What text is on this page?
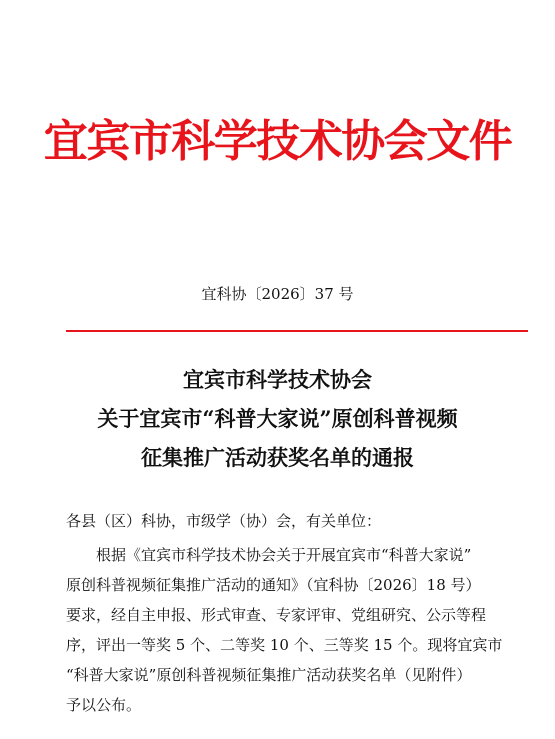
宜宾市科学技术协会文件
宜科协〔2026〕37 号
宜宾市科学技术协会
关于宜宾市“科普大家说”原创科普视频
征集推广活动获奖名单的通报
各县（区）科协，市级学（协）会，有关单位：
根据《宜宾市科学技术协会关于开展宜宾市“科普大家说”
原创科普视频征集推广活动的通知》（宜科协〔2026〕18 号）
要求，经自主申报、形式审查、专家评审、党组研究、公示等程
序，评出一等奖 5 个、二等奖 10 个、三等奖 15 个。现将宜宾市
“科普大家说”原创科普视频征集推广活动获奖名单（见附件）
予以公布。
